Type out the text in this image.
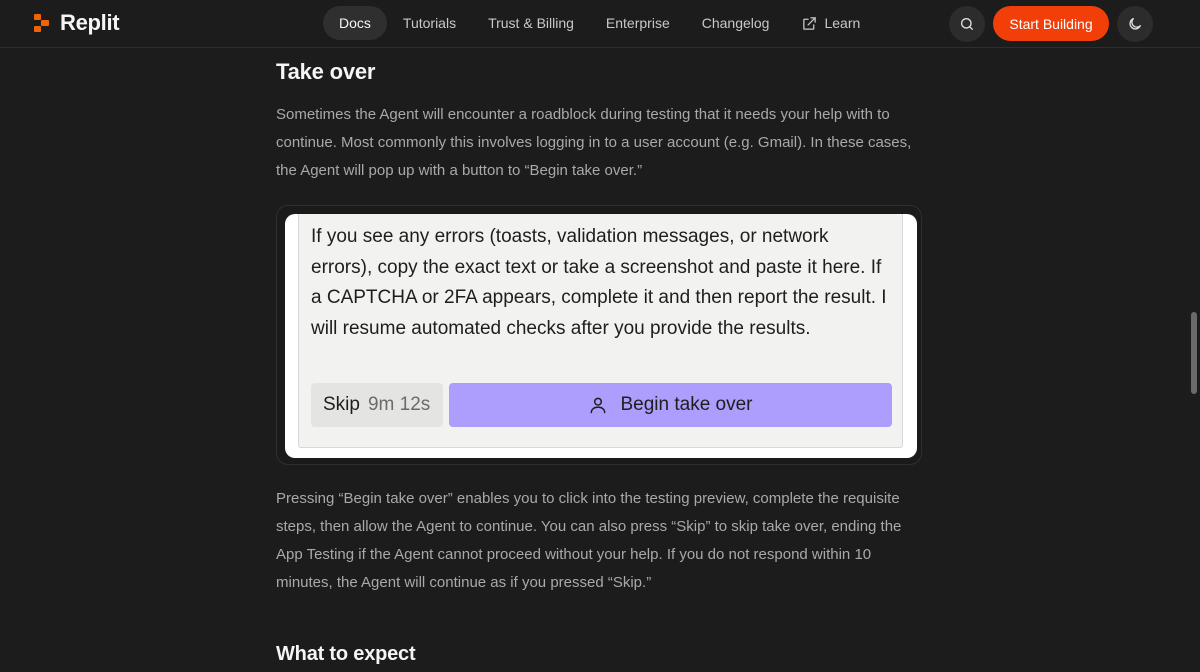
Replit	Docs	Tutorials	Trust & Billing	Enterprise	Changelog	Learn	Start Building
Take over

Sometimes the Agent will encounter a roadblock during testing that it needs your help with to continue. Most commonly this involves logging in to a user account (e.g. Gmail). In these cases, the Agent will pop up with a button to “Begin take over.”

If you see any errors (toasts, validation messages, or network errors), copy the exact text or take a screenshot and paste it here. If a CAPTCHA or 2FA appears, complete it and then report the result. I will resume automated checks after you provide the results.
Skip 9m 12s	Begin take over

Pressing “Begin take over” enables you to click into the testing preview, complete the requisite steps, then allow the Agent to continue. You can also press “Skip” to skip take over, ending the App Testing if the Agent cannot proceed without your help. If you do not respond within 10 minutes, the Agent will continue as if you pressed “Skip.”

What to expect
